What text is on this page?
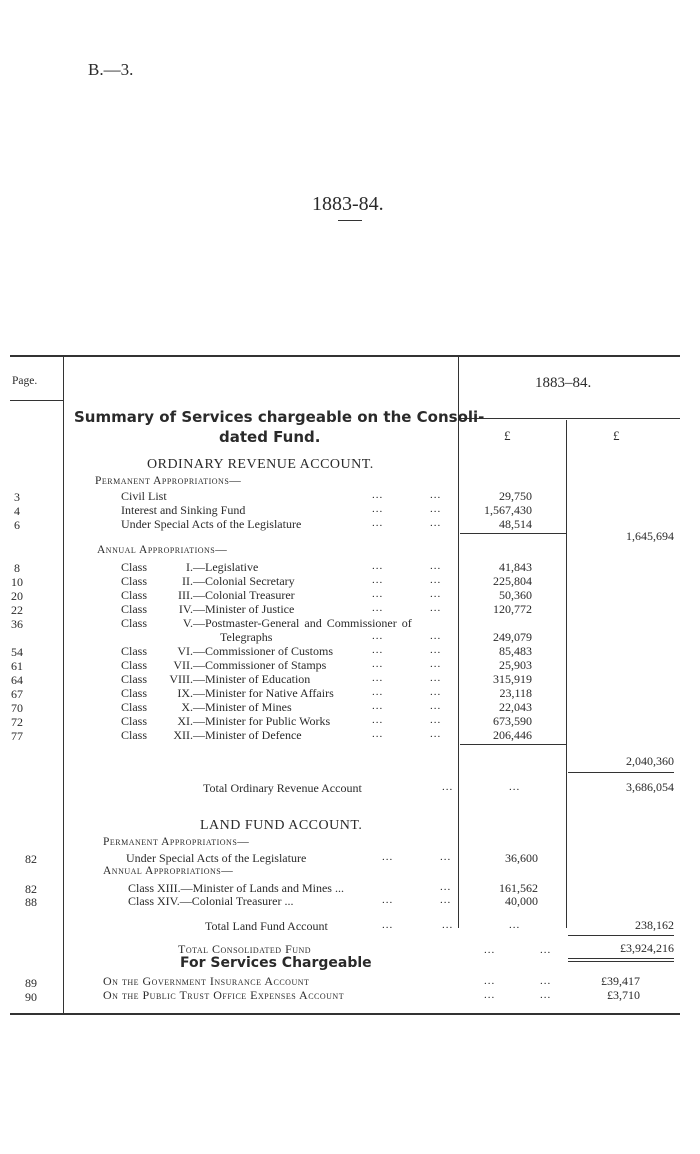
B.—3.
1883-84.
Page.	1883–84.
£	£
Summary of Services chargeable on the Consoli-
dated Fund.
ORDINARY REVENUE ACCOUNT.
Permanent Appropriations—
3	Civil List	...	...	29,750
4	Interest and Sinking Fund	...	...	1,567,430
6	Under Special Acts of the Legislature	...	...	48,514
1,645,694
Annual Appropriations—
8	Class	I. —Legislative	...	...	41,843
10	Class	II. —Colonial Secretary	...	...	225,804
20	Class	III. —Colonial Treasurer	...	...	50,360
22	Class	IV. —Minister of Justice	...	...	120,772
36	Class	V. —Postmaster-General and Commissioner of
Telegraphs	...	...	249,079
54	Class	VI. —Commissioner of Customs	...	...	85,483
61	Class	VII. —Commissioner of Stamps	...	...	25,903
64	Class	VIII. —Minister of Education	...	...	315,919
67	Class	IX. —Minister for Native Affairs	...	...	23,118
70	Class	X. —Minister of Mines	...	...	22,043
72	Class	XI. —Minister for Public Works	...	...	673,590
77	Class	XII. —Minister of Defence	...	...	206,446
2,040,360
Total Ordinary Revenue Account	...	...	3,686,054
LAND FUND ACCOUNT.
Permanent Appropriations—
82	Under Special Acts of the Legislature	...	...	36,600
Annual Appropriations—
82	Class XIII.—Minister of Lands and Mines ...	...	161,562
88	Class XIV.—Colonial Treasurer ...	...	...	40,000
Total Land Fund Account	...	...	...	238,162
Total Consolidated Fund	...	...	£3,924,216
For Services Chargeable
89	On the Government Insurance Account	...	...	£39,417
90	On the Public Trust Office Expenses Account	...	...	£3,710
